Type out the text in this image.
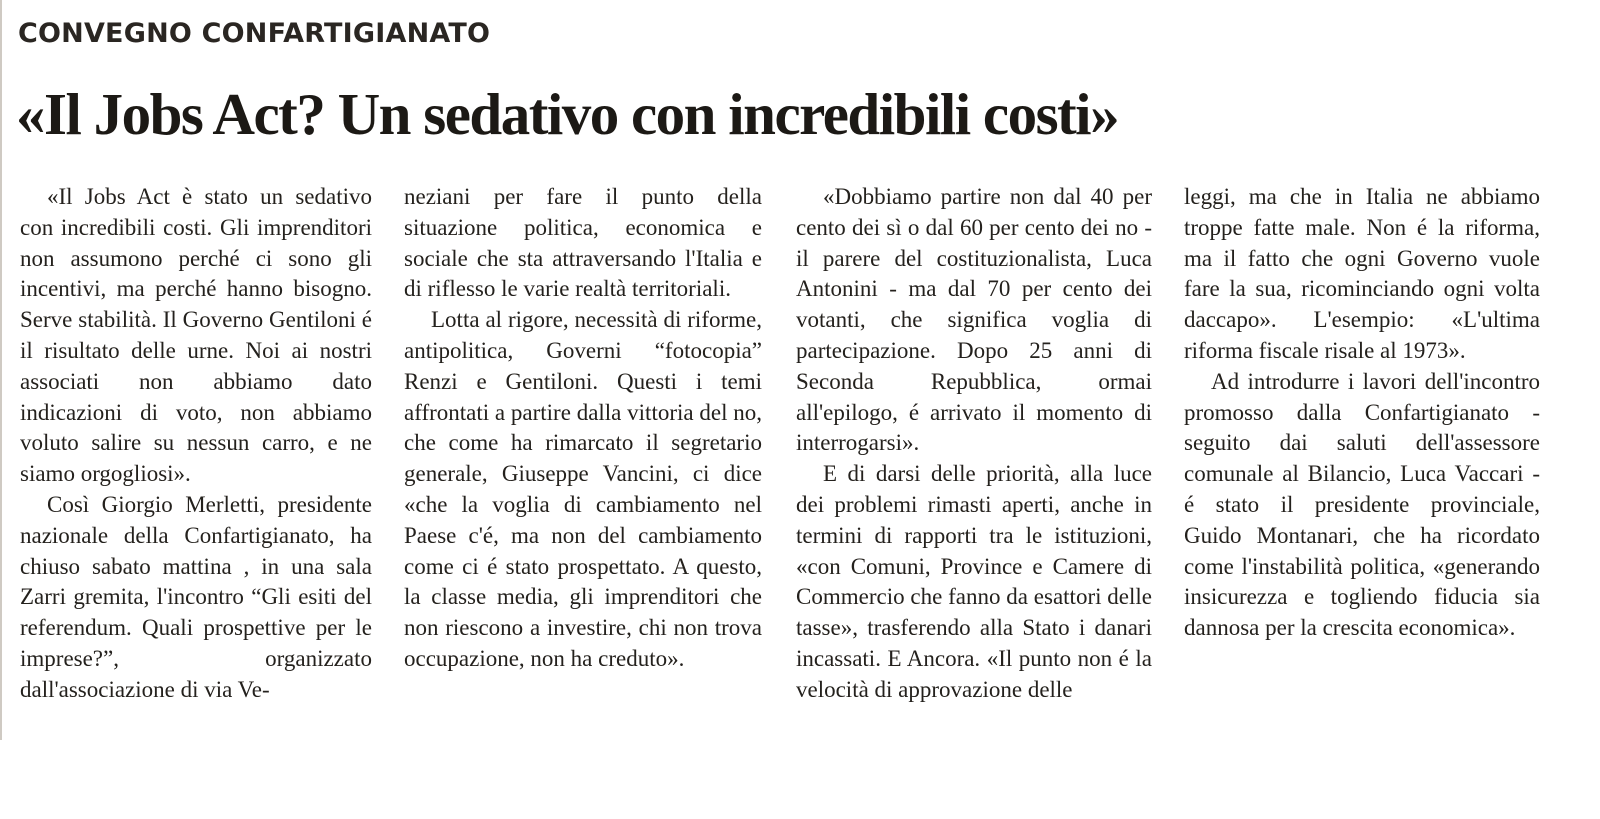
CONVEGNO CONFARTIGIANATO
«Il Jobs Act? Un sedativo con incredibili costi»

«Il Jobs Act è stato un sedativo con incredibili costi. Gli imprenditori non assumono perché ci sono gli incentivi, ma perché hanno bisogno. Serve stabilità. Il Governo Gentiloni é il risultato delle urne. Noi ai nostri associati non abbiamo dato indicazioni di voto, non abbiamo voluto salire su nessun carro, e ne siamo orgogliosi».

Così Giorgio Merletti, presidente nazionale della Confartigianato, ha chiuso sabato mattina , in una sala Zarri gremita, l'incontro “Gli esiti del referendum. Quali prospettive per le imprese?”, organizzato dall'associazione di via Ve-

neziani per fare il punto della situazione politica, economica e sociale che sta attraversando l'Italia e di riflesso le varie realtà territoriali.

Lotta al rigore, necessità di riforme, antipolitica, Governi “fotocopia” Renzi e Gentiloni. Questi i temi affrontati a partire dalla vittoria del no, che come ha rimarcato il segretario generale, Giuseppe Vancini, ci dice «che la voglia di cambiamento nel Paese c'é, ma non del cambiamento come ci é stato prospettato. A questo, la classe media, gli imprenditori che non riescono a investire, chi non trova occupazione, non ha creduto».

«Dobbiamo partire non dal 40 per cento dei sì o dal 60 per cento dei no - il parere del costituzionalista, Luca Antonini - ma dal 70 per cento dei votanti, che significa voglia di partecipazione. Dopo 25 anni di Seconda Repubblica, ormai all'epilogo, é arrivato il momento di interrogarsi».

E di darsi delle priorità, alla luce dei problemi rimasti aperti, anche in termini di rapporti tra le istituzioni, «con Comuni, Province e Camere di Commercio che fanno da esattori delle tasse», trasferendo alla Stato i danari incassati. E Ancora. «Il punto non é la velocità di approvazione delle

leggi, ma che in Italia ne abbiamo troppe fatte male. Non é la riforma, ma il fatto che ogni Governo vuole fare la sua, ricominciando ogni volta daccapo». L'esempio: «L'ultima riforma fiscale risale al 1973».

Ad introdurre i lavori dell'incontro promosso dalla Confartigianato - seguito dai saluti dell'assessore comunale al Bilancio, Luca Vaccari - é stato il presidente provinciale, Guido Montanari, che ha ricordato come l'instabilità politica, «generando insicurezza e togliendo fiducia sia dannosa per la crescita economica».
